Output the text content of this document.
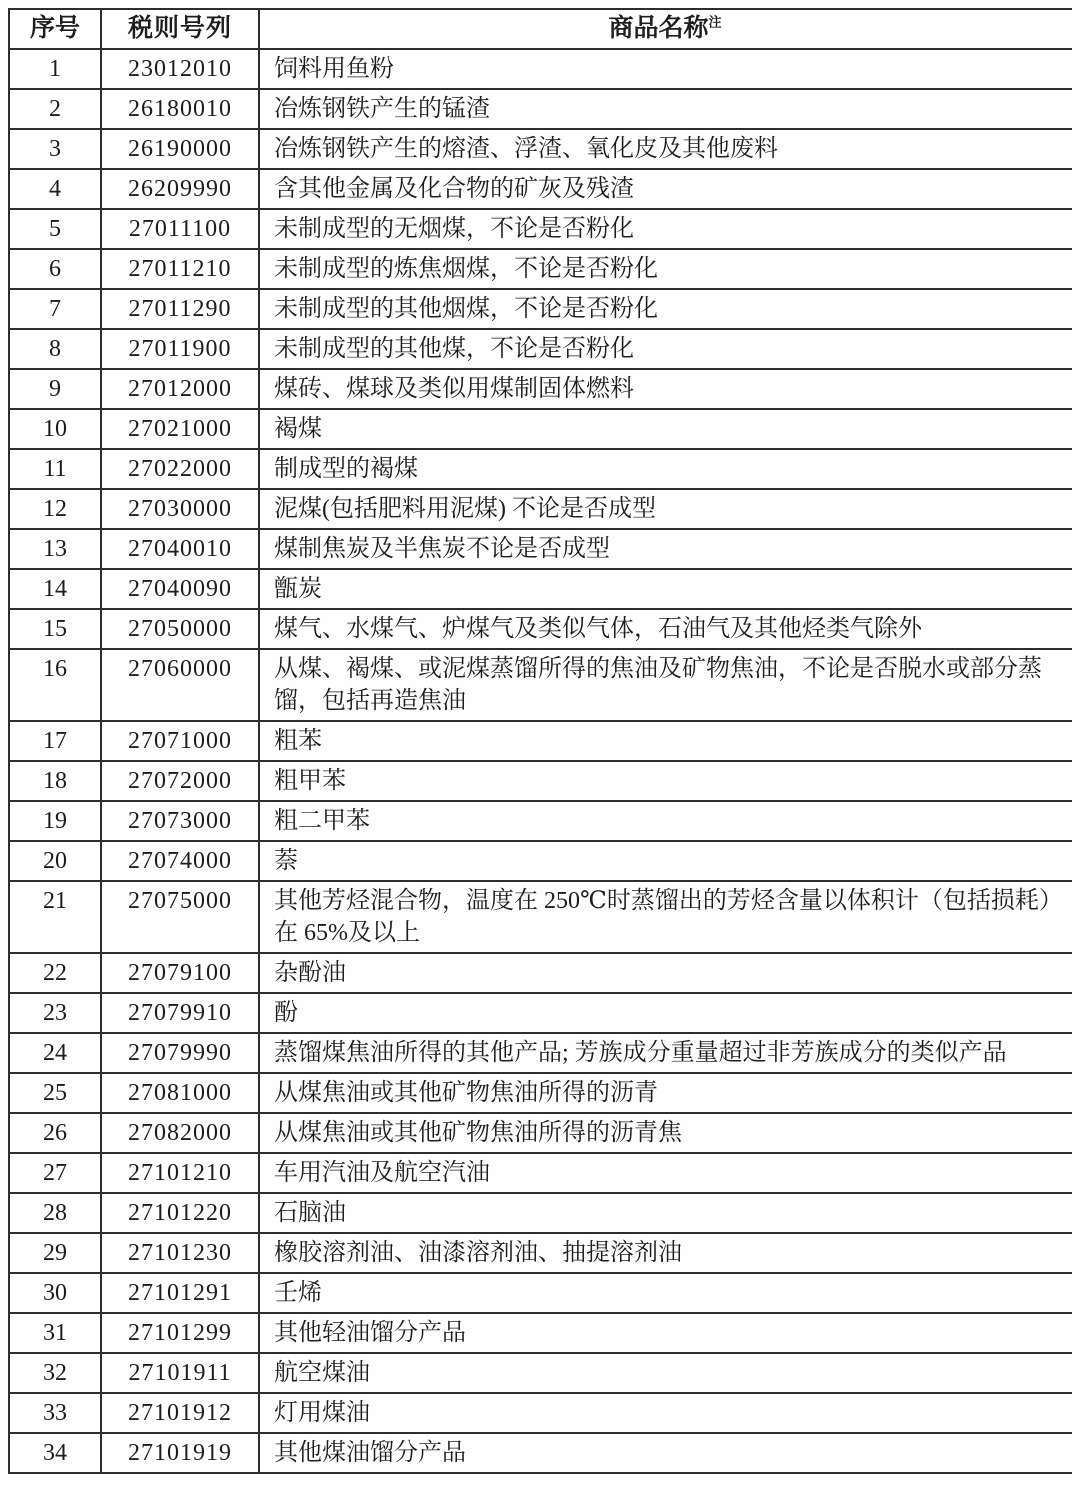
序号	税则号列	商品名称$^注$
1	23012010	饲料用鱼粉
2	26180010	冶炼钢铁产生的锰渣
3	26190000	冶炼钢铁产生的熔渣、浮渣、氧化皮及其他废料
4	26209990	含其他金属及化合物的矿灰及残渣
5	27011100	未制成型的无烟煤，不论是否粉化
6	27011210	未制成型的炼焦烟煤，不论是否粉化
7	27011290	未制成型的其他烟煤，不论是否粉化
8	27011900	未制成型的其他煤，不论是否粉化
9	27012000	煤砖、煤球及类似用煤制固体燃料
10	27021000	褐煤
11	27022000	制成型的褐煤
12	27030000	泥煤(包括肥料用泥煤) 不论是否成型
13	27040010	煤制焦炭及半焦炭不论是否成型
14	27040090	甑炭
15	27050000	煤气、水煤气、炉煤气及类似气体，石油气及其他烃类气除外
16	27060000	从煤、褐煤、或泥煤蒸馏所得的焦油及矿物焦油，不论是否脱水或部分蒸馏，包括再造焦油
17	27071000	粗苯
18	27072000	粗甲苯
19	27073000	粗二甲苯
20	27074000	萘
21	27075000	其他芳烃混合物，温度在 250℃时蒸馏出的芳烃含量以体积计（包括损耗）在 65%及以上
22	27079100	杂酚油
23	27079910	酚
24	27079990	蒸馏煤焦油所得的其他产品; 芳族成分重量超过非芳族成分的类似产品
25	27081000	从煤焦油或其他矿物焦油所得的沥青
26	27082000	从煤焦油或其他矿物焦油所得的沥青焦
27	27101210	车用汽油及航空汽油
28	27101220	石脑油
29	27101230	橡胶溶剂油、油漆溶剂油、抽提溶剂油
30	27101291	壬烯
31	27101299	其他轻油馏分产品
32	27101911	航空煤油
33	27101912	灯用煤油
34	27101919	其他煤油馏分产品
